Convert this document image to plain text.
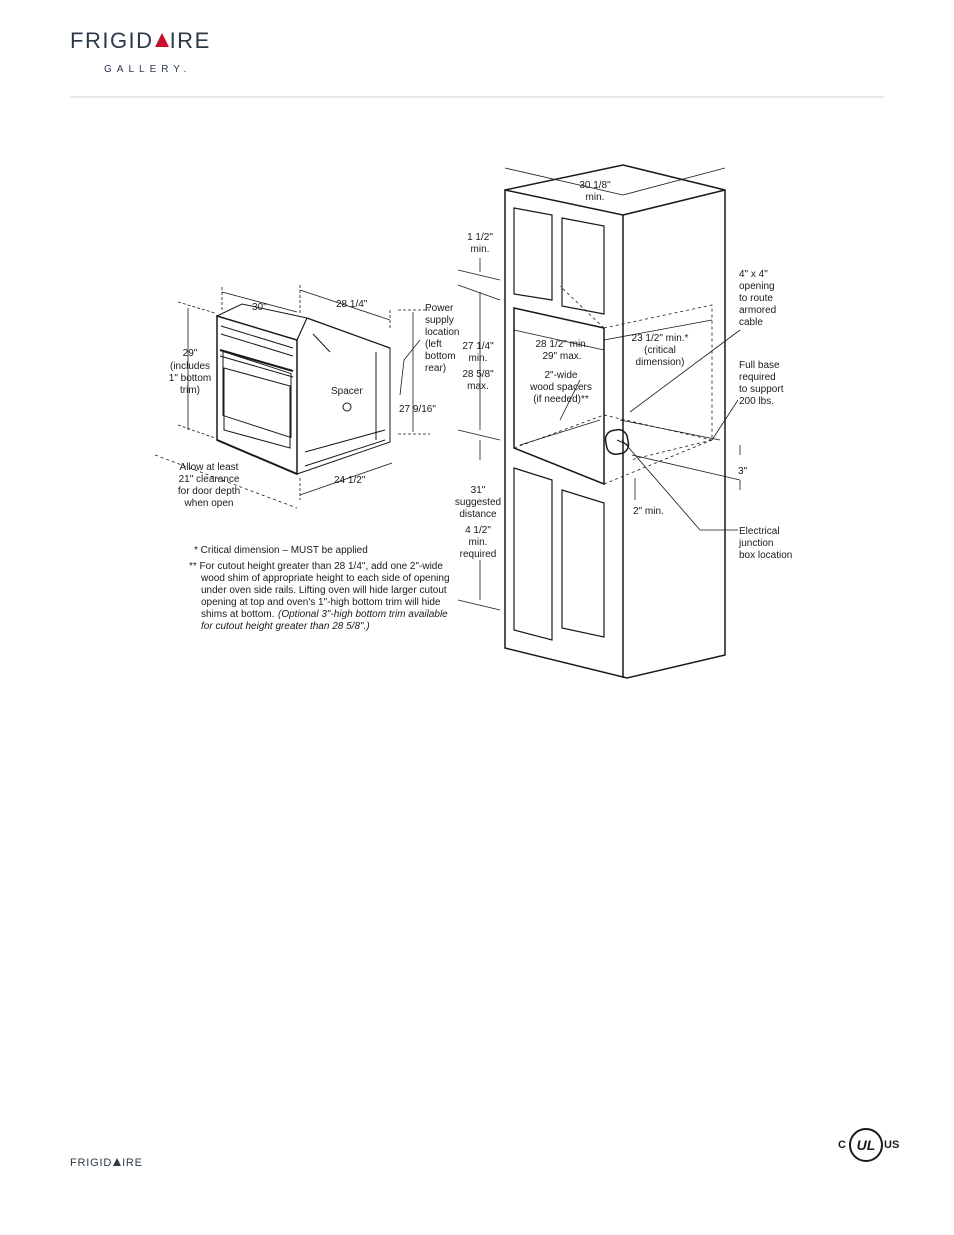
FRIGID IRE
GALLERY.
30"	28 1/4"
29"
(includes
1" bottom
trim)
Power
supply
location
(left
bottom
rear)
Spacer
24 1/2"
27 9/16"
Allow at least
21" clearance
for door depth
when open
30 1/8"
min.
1 1/2"
min.
27 1/4"
min.
28 5/8"
max.
28 1/2" min.
29" max.
23 1/2" min.*
(critical
dimension)
2"-wide
wood spacers
(if needed)**
4" x 4"
opening
to route
armored
cable
Full base
required
to support
200 lbs.
3"
2" min.
31"
suggested
distance
4 1/2"
min.
required
Electrical
junction
box location
* Critical dimension – MUST be applied
** For cutout height greater than 28 1/4", add one 2"-wide
wood shim of appropriate height to each side of opening
under oven side rails. Lifting oven will hide larger cutout
opening at top and oven's 1"-high bottom trim will hide
shims at bottom. (Optional 3"-high bottom trim available
for cutout height greater than 28 5/8".)
FRIGID IRE
C UL US
